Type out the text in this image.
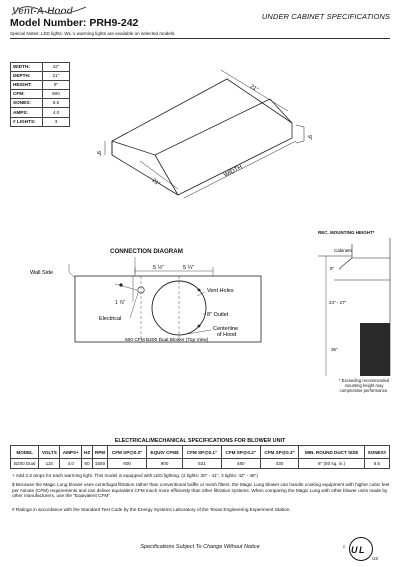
Vent-A-Hood	UNDER CABINET SPECIFICATIONS
Model Number: PRH9-242
Special Notes: LED lights. WL-1 warming lights are available on selected models.
WIDTH:	42"
DEPTH:	21"
HEIGHT:	9"
CFM:	600
SONES:	6.5
AMPS:	4.0
# LIGHTS:	3
21"
9"
9"
WIDTH
21"
CONNECTION DIAGRAM
Wall Side
5 ½"	5 ¼"
1 ⅞"
Electrical
Vent Holes
8" Outlet
Centerline
of Hood
600 CFM B200 Dual Blower (Top View)
REC. MOUNTING HEIGHT*
Cabinets
9"
24" - 27"
36"
* Exceeding recommended mounting height may compromise performance.
ELECTRICAL/MECHANICAL SPECIFICATIONS FOR BLOWER UNIT
MODEL	VOLTS	AMPS+	HZ	RPM	CFM SP@0.0"	EQUIV CFM$	CFM SP@0.1"	CFM SP@0.2"	CFM SP@0.3"	MIN. ROUND DUCT SIZE	SONES#
B200 Dual	115	4.0	60	1550	600	900	531	480	430	8" (50 sq. in.)	6.5
+ Add 2.5 amps for each warming light. This model is equipped with LED lighting. (2 lights: 30" - 41", 3 lights: 42" - 48")
$ Because the Magic Lung blower uses centrifugal filtration rather than conventional baffle or mesh filters, the Magic Lung blower can handle cooking equipment with higher cubic feet per minute (CFM) requirements and can deliver equivalent CFM much more efficiently than other filtration systems. When comparing the Magic Lung with other blower units made by other manufacturers, use the "Equivalent CFM".
# Ratings in accordance with the Standard Test Code by the Energy Systems Laboratory of the Texas Engineering Experiment Station.
Specifications Subject To Change Without Notice	U L
c
US
